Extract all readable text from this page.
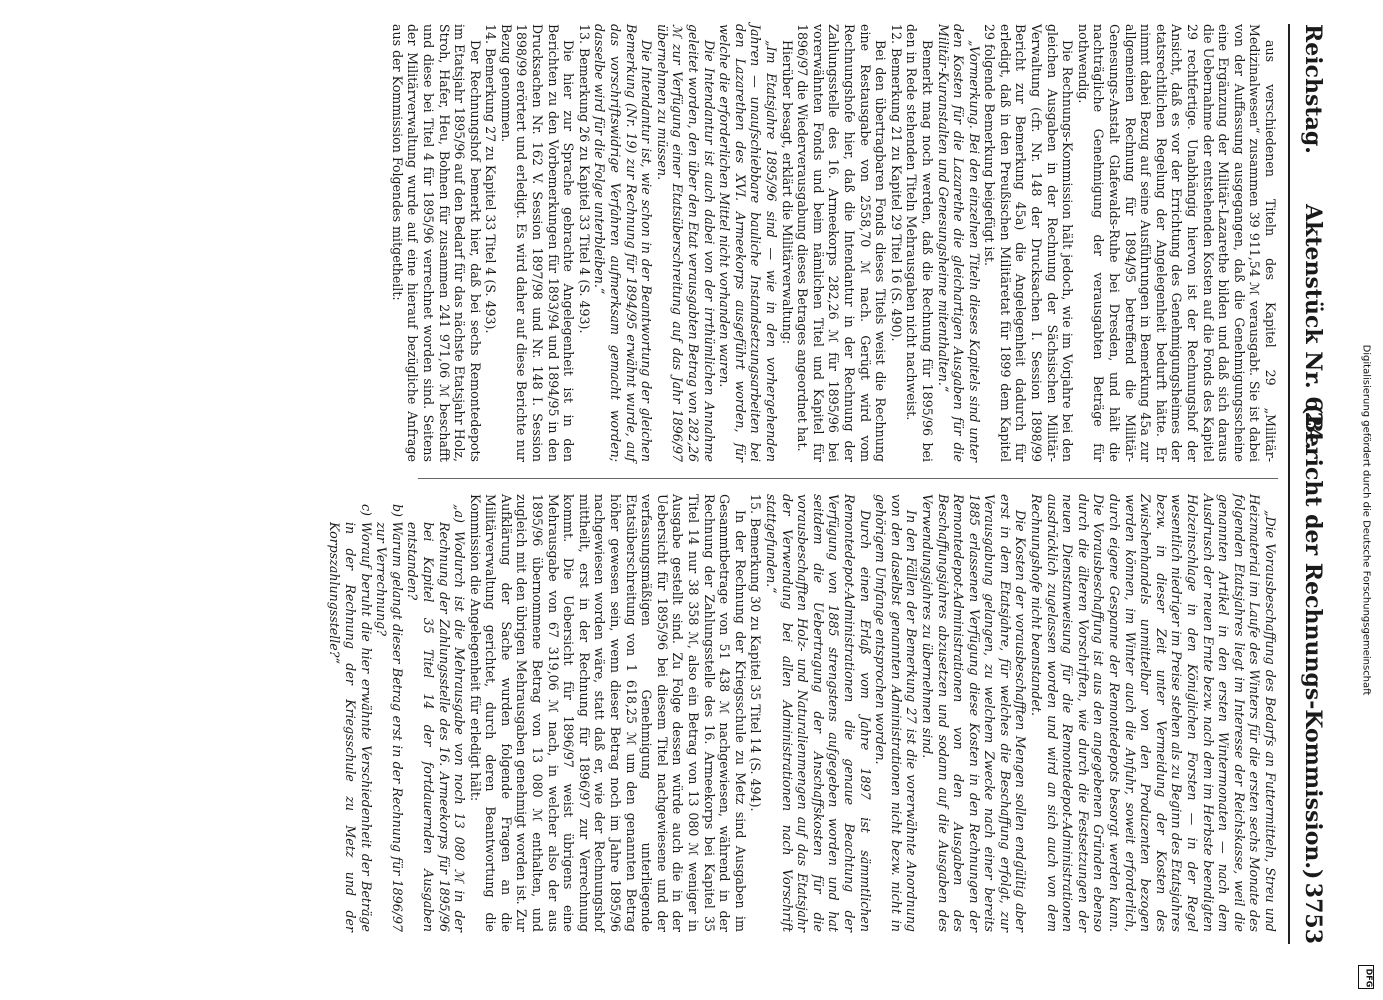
Reichstag.
Aktenstück Nr. 624.
(Bericht der Rechnungs-Kommission.)
3753

aus verschiedenen Titeln des Kapitel 29 „Militär-Medizinalwesen“ zusammen 39 911,54 ℳ verausgabt. Sie ist dabei von der Auffassung ausgegangen, daß die Genehmigungsscheine eine Ergänzung der Militär-Lazarethe bilden und daß sich daraus die Uebernahme der entstehenden Kosten auf die Fonds des Kapitel 29 rechtfertige. Unabhängig hiervon ist der Rechnungshof der Ansicht, daß es vor der Errichtung des Genehmigungsheimes der etatsrechtlichen Regelung der Angelegenheit bedurft hätte. Er nimmt dabei Bezug auf seine Ausführungen in Bemerkung 45a zur allgemeinen Rechnung für 1894/95 betreffend die Militär-Genesungs-Anstalt Glafewalds-Ruhe bei Dresden, und hält die nachträgliche Genehmigung der verausgabten Beträge für nothwendig.

Die Rechnungs-Kommission hält jedoch, wie im Vorjahre bei den gleichen Ausgaben in der Rechnung der Sächsischen Militär-Verwaltung (cfr. Nr. 148 der Drucksachen I. Session 1898/99 Bericht zur Bemerkung 45a) die Angelegenheit dadurch für erledigt, daß in den Preußischen Militäretat für 1899 dem Kapitel 29 folgende Bemerkung beigefügt ist.

„Vormerkung. Bei den einzelnen Titeln dieses Kapitels sind unter den Kosten für die Lazarethe die gleichartigen Ausgaben für die Militär-Kuranstalten und Genesungsheime mitenthalten.“

Bemerkt mag noch werden, daß die Rechnung für 1895/96 bei den in Rede stehenden Titeln Mehrausgaben nicht nachweist.

12. Bemerkung 21 zu Kapitel 29 Titel 16 (S. 490).

Bei den übertragbaren Fonds dieses Titels weist die Rechnung eine Restausgabe von 2558,70 ℳ nach. Gerügt wird vom Rechnungshofe hier, daß die Intendantur in der Rechnung der Zahlungsstelle des 16. Armeekorps 282,26 ℳ für 1895/96 bei vorerwähnten Fonds und beim nämlichen Titel und Kapitel für 1896/97 die Wiederverausgabung dieses Betrages angeordnet hat.

Hierüber besagt, erklärt die Militärverwaltung:

„Im Etatsjahre 1895/96 sind — wie in den vorhergehenden Jahren — unaufschiebbare bauliche Instandsetzungsarbeiten bei den Lazarethen des XVI. Armeekorps ausgeführt worden, für welche die erforderlichen Mittel nicht vorhanden waren.

Die Intendantur ist auch dabei von der irrthümlichen Annahme geleitet worden, den über den Etat verausgabten Betrag von 282,26 ℳ zur Verfügung einer Etatsüberschreitung auf das Jahr 1896/97 übernehmen zu müssen.

Die Intendantur ist, wie schon in der Beantwortung der gleichen Bemerkung (Nr. 19) zur Rechnung für 1894/95 erwähnt wurde, auf das vorschriftswidrige Verfahren aufmerksam gemacht worden; dasselbe wird für die Folge unterbleiben.“

13. Bemerkung 26 zu Kapitel 33 Titel 4 (S. 493).

Die hier zur Sprache gebrachte Angelegenheit ist in den Berichten zu den Vorbemerkungen für 1893/94 und 1894/95 in den Drucksachen Nr. 162 V. Session 1897/98 und Nr. 148 I. Session 1898/99 erörtert und erledigt. Es wird daher auf diese Berichte nur Bezug genommen.

14. Bemerkung 27 zu Kapitel 33 Titel 4 (S. 493).

Der Rechnungshof bemerkt hier, daß bei sechs Remontedepots im Etatsjahr 1895/96 auf den Bedarf für das nächste Etatsjahr Holz, Stroh, Hafer, Heu, Bohnen für zusammen 241 971,06 ℳ beschafft und diese bei Titel 4 für 1895/96 verrechnet worden sind. Seitens der Militärverwaltung wurde auf eine hierauf bezügliche Anfrage aus der Kommission Folgendes mitgetheilt:

„Die Vorausbeschaffung des Bedarfs an Futtermitteln, Streu und Heizmaterial im Laufe des Winters für die ersten sechs Monate des folgenden Etatsjahres liegt im Interesse der Reichskasse, weil die genannten Artikel in den ersten Wintermonaten — nach dem Ausdrusch der neuen Ernte bezw. nach dem im Herbste beendigten Holzeinschlage in den Königlichen Forsten — in der Regel wesentlich niedriger im Preise stehen als zu Beginn des Etatsjahres bezw. in dieser Zeit unter Vermeidung der Kosten des Zwischenhandels unmittelbar von den Produzenten bezogen werden können, im Winter auch die Anfuhr, soweit erforderlich, durch eigene Gespanne der Remontedepots besorgt werden kann. Die Vorausbeschaffung ist aus den angegebenen Gründen ebenso durch die älteren Vorschriften, wie durch die Festsetzungen der neuen Dienstanweisung für die Remontedepot-Administrationen ausdrücklich zugelassen worden und wird an sich auch von dem Rechnungshofe nicht beanstandet.

Die Kosten der vorausbeschafften Mengen sollen endgültig aber erst in dem Etatsjahre, für welches die Beschaffung erfolgt, zur Verausgabung gelangen, zu welchem Zwecke nach einer bereits 1885 erlassenen Verfügung diese Kosten in den Rechnungen der Remontedepot-Administrationen von den Ausgaben des Beschaffungsjahres abzusetzen und sodann auf die Ausgaben des Verwendungsjahres zu übernehmen sind.

In den Fällen der Bemerkung 27 ist die vorerwähnte Anordnung von den daselbst genannten Administrationen nicht bezw. nicht in gehörigem Umfange entsprochen worden.

Durch einen Erlaß vom Jahre 1897 ist sämmtlichen Remontedepot-Administrationen die genaue Beachtung der Verfügung von 1885 strengstens aufgegeben worden und hat seitdem die Uebertragung der Anschaffskosten für die vorausbeschafften Holz- und Naturalienmengen auf das Etatsjahr der Verwendung bei allen Administrationen nach Vorschrift stattgefunden.“

15. Bemerkung 30 zu Kapitel 35 Titel 14 (S. 494).

In der Rechnung der Kriegsschule zu Metz sind Ausgaben im Gesammtbetrage von 51 438 ℳ nachgewiesen, während in der Rechnung der Zahlungsstelle des 16. Armeekorps bei Kapitel 35 Titel 14 nur 38 358 ℳ, also ein Betrag von 13 080 ℳ weniger in Ausgabe gestellt sind. Zu Folge dessen würde auch die in der Uebersicht für 1895/96 bei diesem Titel nachgewiesene und der verfassungsmäßigen Genehmigung unterliegende Etatsüberschreitung von 1 618,25 ℳ um den genannten Betrag höher gewesen sein, wenn dieser Betrag noch im Jahre 1895/96 nachgewiesen worden wäre, statt daß er, wie der Rechnungshof mittheilt, erst in der Rechnung für 1896/97 zur Verrechnung kommt. Die Uebersicht für 1896/97 weist übrigens eine Mehrausgabe von 67 319,06 ℳ nach, in welcher also der aus 1895/96 übernommene Betrag von 13 080 ℳ enthalten, und zugleich mit den übrigen Mehrausgaben genehmigt worden ist. Zur Aufklärung der Sache wurden folgende Fragen an die Militärverwaltung gerichtet, durch deren Beantwortung die Kommission die Angelegenheit für erledigt hält:

„a) Wodurch ist die Mehrausgabe von noch 13 080 ℳ in der Rechnung der Zahlungsstelle des 16. Armeekorps für 1895/96 bei Kapitel 35 Titel 14 der fortdauernden Ausgaben entstanden?

b) Warum gelangt dieser Betrag erst in der Rechnung für 1896/97 zur Verrechnung?

c) Worauf beruht die hier erwähnte Verschiedenheit der Beträge in der Rechnung der Kriegsschule zu Metz und der Korpszahlungsstelle?“	Digitalisierung gefördert durch die Deutsche Forschungsgemeinschaft
DFG
